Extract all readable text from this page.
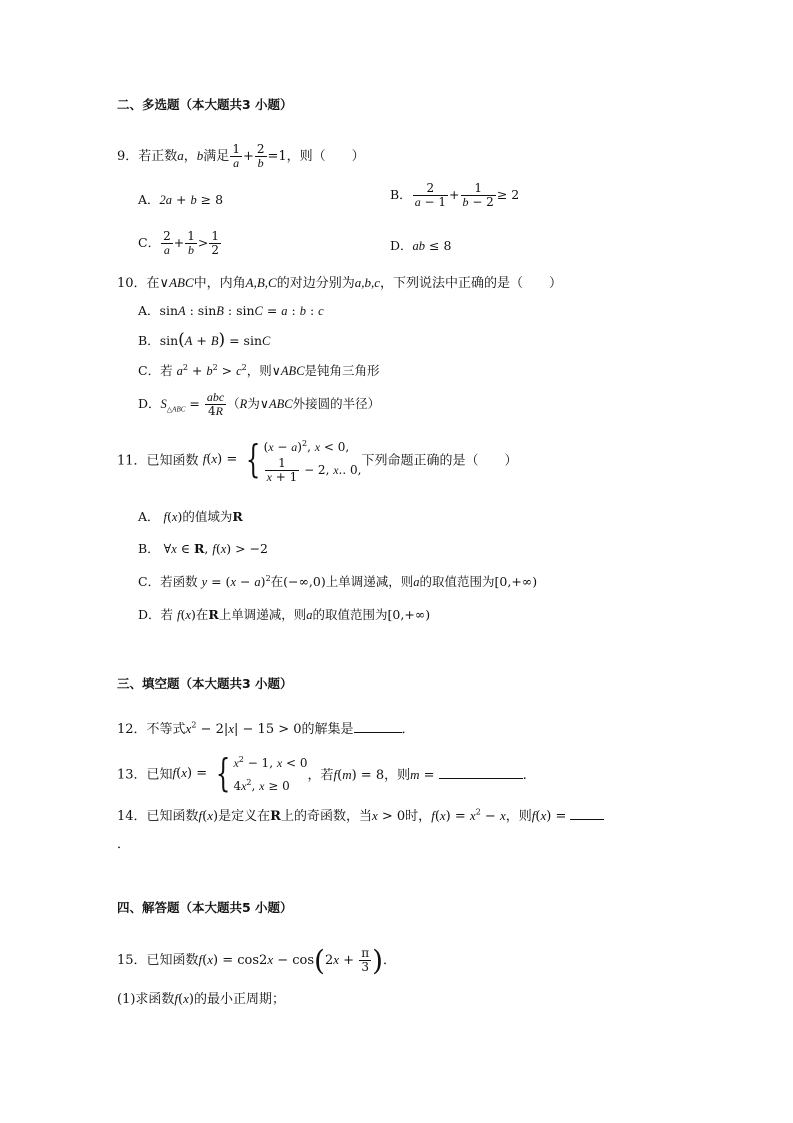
二、多选题（本大题共3 小题）
9．若正数a，b满足 $\frac{1}{a} + \frac{2}{b} =1$，则（　　）
A．2a + b ≥ 8	B． $\frac{2}{a - 1} + \frac{1}{b - 2} \ge 2$
C． $\frac{2}{a} + \frac{1}{b} > \frac{1}{2}$	D．ab ≤ 8
10．在∨ABC中，内角A,B,C的对边分别为a,b,c，下列说法中正确的是（　　）
A．sinA : sinB : sinC = a : b : c
B．sin(A + B) = sinC
C．若 $a^2 + b^2 > c^2$，则∨ABC是钝角三角形
D．$S_{\triangle ABC} = \frac{\text{abc}}{4R} (R$为∨ABC外接圆的半径）
11．已知函数 f(x) = { $(x - a)^2$, x < 0,
$\frac{1}{x + 1} - 2$, x.. 0,
下列命题正确的是（　　）
A． f(x)的值域为R
B． ∀x ∈ R, f(x) > −2
C．若函数 $y = (x - a)^2$在(−∞,0)上单调递减，则a的取值范围为[0,+∞)
D．若 f(x)在R上单调递减，则a的取值范围为[0,+∞)
三、填空题（本大题共3 小题）
12．不等式$x^2 - 2|x| - 15 > 0$的解集是	．
13．已知f(x) = { $x^2 - 1$, x < 0
$4x^2$, x ≥ 0
，若f(m) = 8，则m =	.
14．已知函数f(x)是定义在R上的奇函数，当x > 0时，$f(x) = x^2 - x$，则f(x) =
．
四、解答题（本大题共5 小题）
15．已知函数$f(x) = \cos 2x - \cos(2x + \frac{\pi}{3}$ )．
(1)求函数f(x)的最小正周期；
